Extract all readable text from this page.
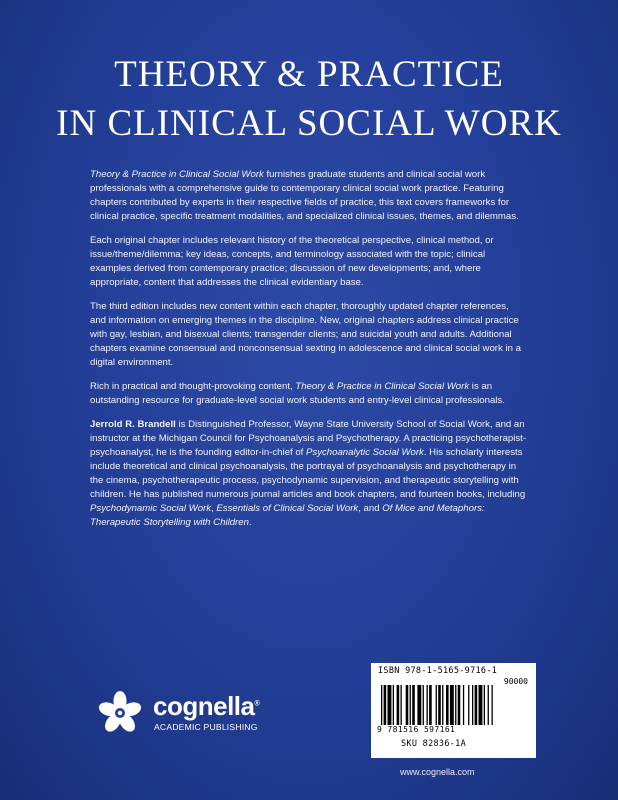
THEORY & PRACTICE
IN CLINICAL SOCIAL WORK

Theory & Practice in Clinical Social Work furnishes graduate students and clinical social work professionals with a comprehensive guide to contemporary clinical social work practice. Featuring chapters contributed by experts in their respective fields of practice, this text covers frameworks for clinical practice, specific treatment modalities, and specialized clinical issues, themes, and dilemmas.

Each original chapter includes relevant history of the theoretical perspective, clinical method, or issue/theme/dilemma; key ideas, concepts, and terminology associated with the topic; clinical examples derived from contemporary practice; discussion of new developments; and, where appropriate, content that addresses the clinical evidentiary base.

The third edition includes new content within each chapter, thoroughly updated chapter references, and information on emerging themes in the discipline. New, original chapters address clinical practice with gay, lesbian, and bisexual clients; transgender clients; and suicidal youth and adults. Additional chapters examine consensual and nonconsensual sexting in adolescence and clinical social work in a digital environment.

Rich in practical and thought-provoking content, Theory & Practice in Clinical Social Work is an outstanding resource for graduate-level social work students and entry-level clinical professionals.

Jerrold R. Brandell is Distinguished Professor, Wayne State University School of Social Work, and an instructor at the Michigan Council for Psychoanalysis and Psychotherapy. A practicing psychotherapist-psychoanalyst, he is the founding editor-in-chief of Psychoanalytic Social Work. His scholarly interests include theoretical and clinical psychoanalysis, the portrayal of psychoanalysis and psychotherapy in the cinema, psychotherapeutic process, psychodynamic supervision, and therapeutic storytelling with children. He has published numerous journal articles and book chapters, and fourteen books, including Psychodynamic Social Work, Essentials of Clinical Social Work, and Of Mice and Metaphors: Therapeutic Storytelling with Children.

cognella®
ACADEMIC PUBLISHING
ISBN 978-1-5165-9716-1
90000
9 781516 597161
SKU 82836-1A
www.cognella.com
